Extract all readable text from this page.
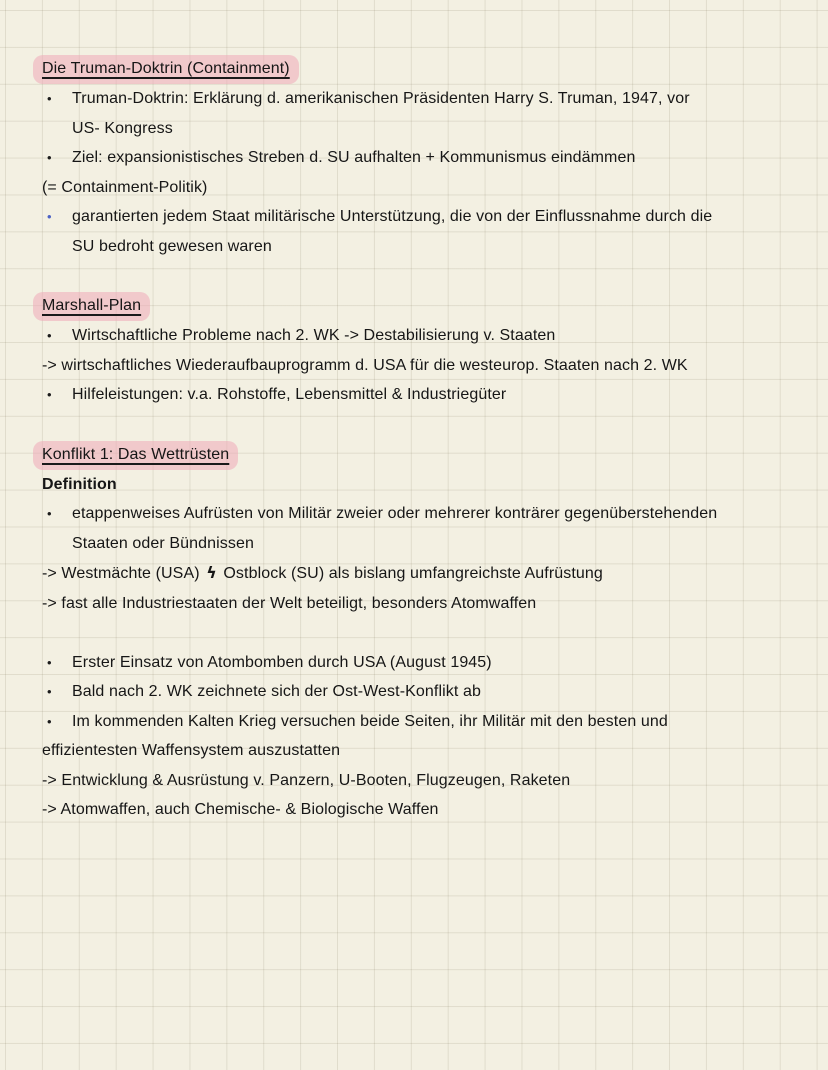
Die Truman-Doktrin (Containment)
•	Truman-Doktrin: Erklärung d. amerikanischen Präsidenten Harry S. Truman, 1947, vor
US- Kongress
•	Ziel: expansionistisches Streben d. SU aufhalten + Kommunismus eindämmen
(= Containment-Politik)
•	garantierten jedem Staat militärische Unterstützung, die von der Einflussnahme durch die
SU bedroht gewesen waren
Marshall-Plan
•	Wirtschaftliche Probleme nach 2. WK -> Destabilisierung v. Staaten
-> wirtschaftliches Wiederaufbauprogramm d. USA für die westeurop. Staaten nach 2. WK
•	Hilfeleistungen: v.a. Rohstoffe, Lebensmittel & Industriegüter
Konflikt 1: Das Wettrüsten
Definition
•	etappenweises Aufrüsten von Militär zweier oder mehrerer konträrer gegenüberstehenden
Staaten oder Bündnissen
-> Westmächte (USA) ϟ Ostblock (SU) als bislang umfangreichste Aufrüstung
-> fast alle Industriestaaten der Welt beteiligt, besonders Atomwaffen
•	Erster Einsatz von Atombomben durch USA (August 1945)
•	Bald nach 2. WK zeichnete sich der Ost-West-Konflikt ab
•	Im kommenden Kalten Krieg versuchen beide Seiten, ihr Militär mit den besten und
effizientesten Waffensystem auszustatten
-> Entwicklung & Ausrüstung v. Panzern, U-Booten, Flugzeugen, Raketen
-> Atomwaffen, auch Chemische- & Biologische Waffen
